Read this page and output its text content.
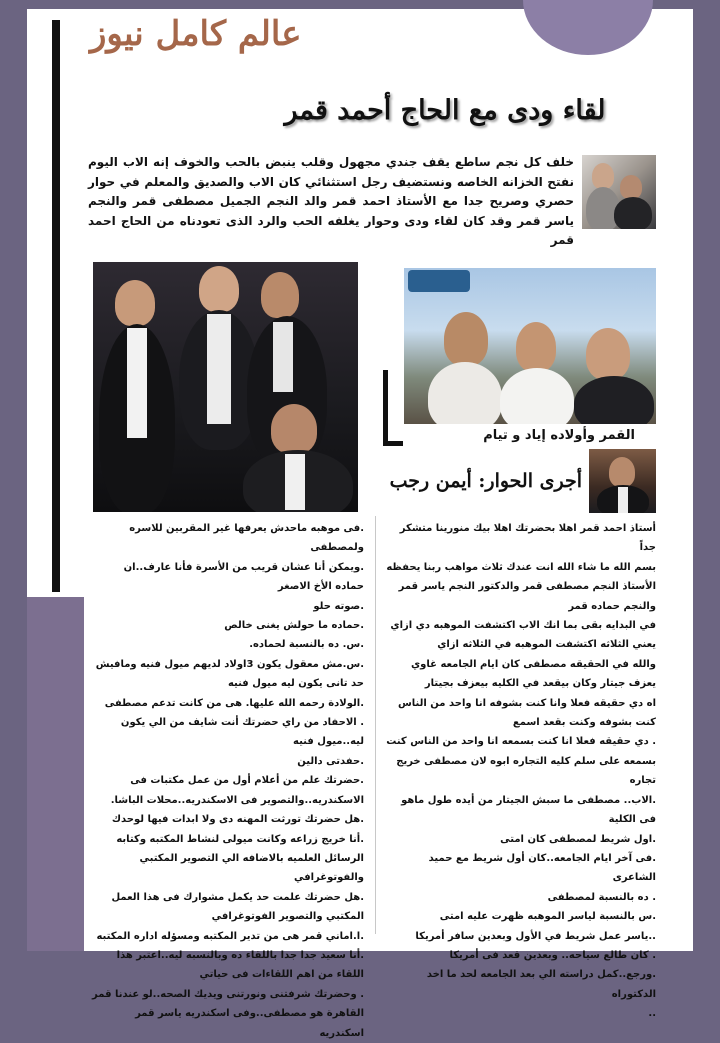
عالم كامل نيوز
لقاء ودى مع الحاج أحمد قمر
خلف كل نجم ساطع يقف جندي مجهول وقلب ينبض بالحب والخوف إنه الاب اليوم نفتح الخزانه الخاصه ونستضيف رجل استثنائي كان الاب والصديق والمعلم في حوار حصري وصريح جدا مع الأستاذ احمد قمر والد النجم الجميل مصطفى قمر والنجم ياسر قمر وقد كان لقاء ودى وحوار يغلفه الحب والرد الذى تعودناه من الحاج احمد قمر
القمر وأولاده إياد و تيام
أجرى الحوار: أيمن رجب

أستاذ احمد قمر اهلا بحضرتك اهلا بيك منورينا متشكر جداً

بسم الله ما شاء الله انت عندك ثلاث مواهب ربنا يحفظه الأستاذ النجم مصطفى قمر والدكتور النجم ياسر قمر والنجم حماده قمر

في البدايه بقى بما انك الاب اكتشفت الموهبه دي ازاي يعني الثلاثه اكتشفت الموهبه في الثلاثه ازاي

والله في الحقيقه مصطفى كان ايام الجامعه غاوي يعزف جيتار وكان بيقعد في الكليه بيعزف بجيتار

اه دي حقيقه فعلا وانا كنت بشوفه انا واحد من الناس كنت بشوفه وكنت بقعد اسمع

. دي حقيقه فعلا انا كنت بسمعه انا واحد من الناس كنت بسمعه على سلم كليه التجاره ابوه لان مصطفى خريج تجاره

.الاب.. مصطفى ما سبش الجيتار من أيده طول ماهو فى الكلية

.اول شريط لمصطفى كان امتى

.فى آخر ايام الجامعه..كان أول شريط مع حميد الشاعرى

. ده بالنسبة لمصطفى

.س بالنسبة لياسر الموهبه ظهرت عليه امتى

..ياسر عمل شريط في الأول وبعدين سافر أمريكا

. كان طالع سياحه.. وبعدين قعد فى أمريكا

.ورجع..كمل دراسته الي بعد الجامعه لحد ما اخد الدكتوراه

..

.فى موهبه ماحدش يعرفها غير المقربين للاسره ولمصطفى

.ويمكن أنا عشان قريب من الأسرة فأنا عارف..ان حماده الأخ الاصغر

.صوته حلو

.حماده ما حولش يغنى خالص

.س. ده بالنسبة لحماده.

.س.مش معقول يكون 3اولاد لديهم ميول فنيه ومافيش حد تانى يكون ليه ميول فنيه

.الولادة رحمه الله عليها. هى من كانت تدعم مصطفى

. الاحفاد من راي حضرتك أنت شايف من الي يكون ليه..ميول فنيه

.حفدتى دالين

.حضرتك علم من أعلام أول من عمل مكتبات فى الاسكندريه..والتصوير فى الاسكندريه..محلات الباشا.

.هل حضرتك تورثت المهنه دى ولا ابدات فيها لوحدك

.أنا خريج زراعه وكانت ميولى لنشاط المكتبه وكتابه الرسائل العلميه بالاضافه الي التصوير المكتبي والفوتوغرافي

.هل حضرتك علمت حد يكمل مشوارك فى هذا العمل المكتبي والتصوير الفوتوغرافي

.ا.اماني قمر هى من تدير المكتبه ومسؤله اداره المكتبه

.أنا سعيد جدا جدا باللقاء ده وبالنسبه ليه..اعتبر هذا اللقاء من اهم اللقاءات فى حياتي

. وحضرتك شرفتنى ونورتنى ويديك الصحه..لو عندنا قمر القاهرة هو مصطفى..وفى اسكندريه ياسر قمر اسكندريه
